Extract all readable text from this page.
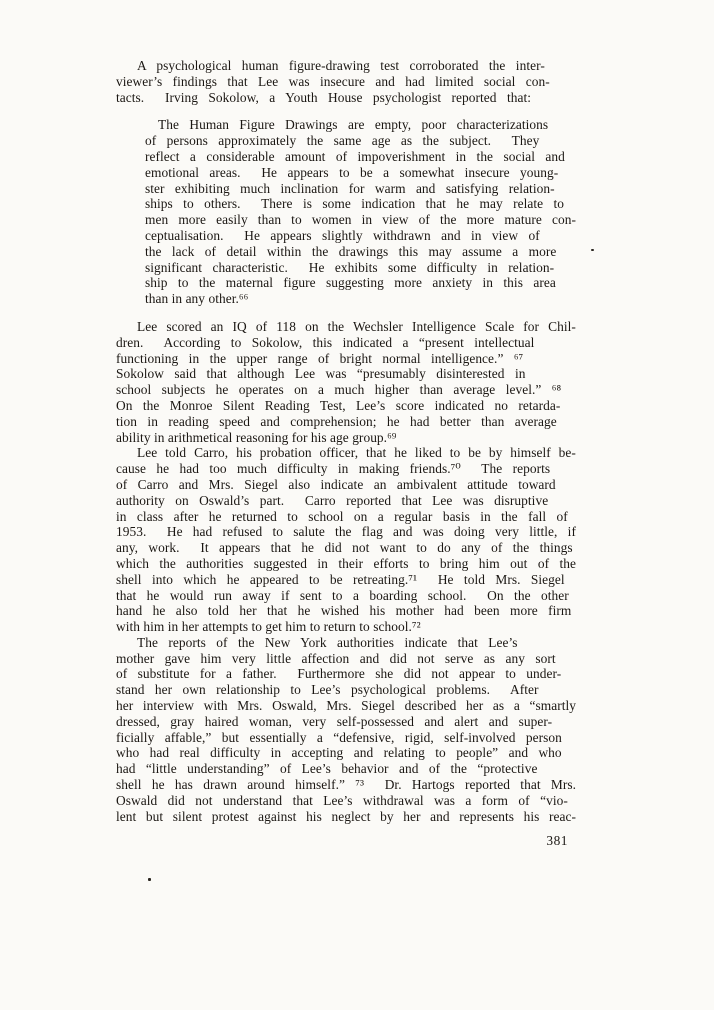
A psychological human figure-drawing test corroborated the inter-
viewer’s findings that Lee was insecure and had limited social con-
tacts.  Irving Sokolow, a Youth House psychologist reported that:
The Human Figure Drawings are empty, poor characterizations
of persons approximately the same age as the subject.  They
reflect a considerable amount of impoverishment in the social and
emotional areas.  He appears to be a somewhat insecure young-
ster exhibiting much inclination for warm and satisfying relation-
ships to others.  There is some indication that he may relate to
men more easily than to women in view of the more mature con-
ceptualisation.  He appears slightly withdrawn and in view of
the lack of detail within the drawings this may assume a more
significant characteristic.  He exhibits some difficulty in relation-
ship to the maternal figure suggesting more anxiety in this area
than in any other.⁶⁶
Lee scored an IQ of 118 on the Wechsler Intelligence Scale for Chil-
dren.  According to Sokolow, this indicated a “present intellectual
functioning in the upper range of bright normal intelligence.” ⁶⁷
Sokolow said that although Lee was “presumably disinterested in
school subjects he operates on a much higher than average level.” ⁶⁸
On the Monroe Silent Reading Test, Lee’s score indicated no retarda-
tion in reading speed and comprehension; he had better than average
ability in arithmetical reasoning for his age group.⁶⁹
Lee told Carro, his probation officer, that he liked to be by himself be-
cause he had too much difficulty in making friends.⁷⁰  The reports
of Carro and Mrs. Siegel also indicate an ambivalent attitude toward
authority on Oswald’s part.  Carro reported that Lee was disruptive
in class after he returned to school on a regular basis in the fall of
1953.  He had refused to salute the flag and was doing very little, if
any, work.  It appears that he did not want to do any of the things
which the authorities suggested in their efforts to bring him out of the
shell into which he appeared to be retreating.⁷¹  He told Mrs. Siegel
that he would run away if sent to a boarding school.  On the other
hand he also told her that he wished his mother had been more firm
with him in her attempts to get him to return to school.⁷²
The reports of the New York authorities indicate that Lee’s
mother gave him very little affection and did not serve as any sort
of substitute for a father.  Furthermore she did not appear to under-
stand her own relationship to Lee’s psychological problems.  After
her interview with Mrs. Oswald, Mrs. Siegel described her as a “smartly
dressed, gray haired woman, very self-possessed and alert and super-
ficially affable,” but essentially a “defensive, rigid, self-involved person
who had real difficulty in accepting and relating to people” and who
had “little understanding” of Lee’s behavior and of the “protective
shell he has drawn around himself.” ⁷³  Dr. Hartogs reported that Mrs.
Oswald did not understand that Lee’s withdrawal was a form of “vio-
lent but silent protest against his neglect by her and represents his reac-
381
